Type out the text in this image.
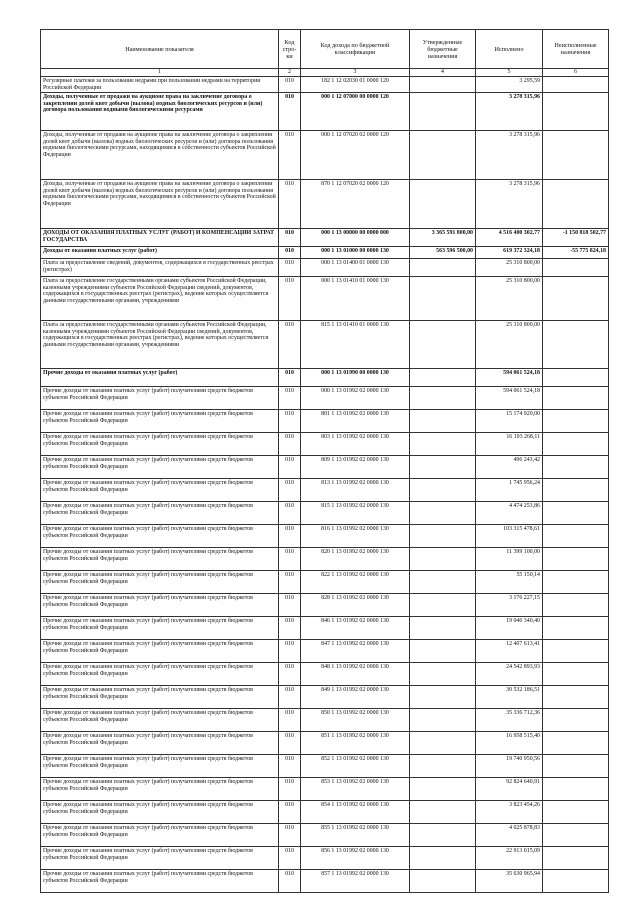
Наименование показателя	Код стро-ки	Код дохода по бюджетной классификации	Утвержденные бюджетные назначения	Исполнено	Неисполненные назначения
1	2	3	4	5	6
Регулярные платежи за пользование недрами при пользовании недрами на территории Российской Федерации	010	182 1 12 02030 01 0000 120		3 295,59	
Доходы, полученные от продажи на аукционе права на заключение договора о закреплении долей квот добычи (вылова) водных биологических ресурсов и (или) договора пользования водными биологическими ресурсами	010	000 1 12 07000 00 0000 120		3 278 315,96	
Доходы, полученные от продажи на аукционе права на заключение договора о закреплении долей квот добычи (вылова) водных биологических ресурсов и (или) договора пользования водными биологическими ресурсами, находящимися в собственности субъектов Российской Федерации	010	000 1 12 07020 02 0000 120		3 278 315,96	
Доходы, полученные от продажи на аукционе права на заключение договора о закреплении долей квот добычи (вылова) водных биологических ресурсов и (или) договора пользования водными биологическими ресурсами, находящимися в собственности субъектов Российской Федерации	010	870 1 12 07020 02 0000 120		3 278 315,96	
ДОХОДЫ ОТ ОКАЗАНИЯ ПЛАТНЫХ УСЛУГ (РАБОТ) И КОМПЕНСАЦИИ ЗАТРАТ ГОСУДАРСТВА	010	000 1 13 00000 00 0000 000	3 365 591 800,00	4 516 400 302,77	-1 150 818 502,77
Доходы от оказания платных услуг (работ)	010	000 1 13 01000 00 0000 130	563 596 500,00	619 372 324,18	-55 775 824,18
Плата за предоставление сведений, документов, содержащихся в государственных реестрах (регистрах)	010	000 1 13 01400 01 0000 130		25 310 800,00	
Плата за предоставление государственными органами субъектов Российской Федерации, казенными учреждениями субъектов Российской Федерации сведений, документов, содержащихся в государственных реестрах (регистрах), ведение которых осуществляется данными государственными органами, учреждениями	010	000 1 13 01410 01 0000 130		25 310 800,00	
Плата за предоставление государственными органами субъектов Российской Федерации, казенными учреждениями субъектов Российской Федерации сведений, документов, содержащихся в государственных реестрах (регистрах), ведение которых осуществляется данными государственными органами, учреждениями	010	815 1 13 01410 01 0000 130		25 310 800,00	
Прочие доходы от оказания платных услуг (работ)	010	000 1 13 01990 00 0000 130		594 061 524,18	
Прочие доходы от оказания платных услуг (работ) получателями средств бюджетов субъектов Российской Федерации	010	000 1 13 01992 02 0000 130		594 061 524,18	
Прочие доходы от оказания платных услуг (работ) получателями средств бюджетов субъектов Российской Федерации	010	801 1 13 01992 02 0000 130		15 174 920,00	
Прочие доходы от оказания платных услуг (работ) получателями средств бюджетов субъектов Российской Федерации	010	803 1 13 01992 02 0000 130		16 193 268,11	
Прочие доходы от оказания платных услуг (работ) получателями средств бюджетов субъектов Российской Федерации	010	809 1 13 01992 02 0000 130		496 243,42	
Прочие доходы от оказания платных услуг (работ) получателями средств бюджетов субъектов Российской Федерации	010	813 1 13 01992 02 0000 130		1 745 956,24	
Прочие доходы от оказания платных услуг (работ) получателями средств бюджетов субъектов Российской Федерации	010	815 1 13 01992 02 0000 130		4 474 253,86	
Прочие доходы от оказания платных услуг (работ) получателями средств бюджетов субъектов Российской Федерации	010	816 1 13 01992 02 0000 130		103 315 478,61	
Прочие доходы от оказания платных услуг (работ) получателями средств бюджетов субъектов Российской Федерации	010	820 1 13 01992 02 0000 130		11 399 100,00	
Прочие доходы от оказания платных услуг (работ) получателями средств бюджетов субъектов Российской Федерации	010	822 1 13 01992 02 0000 130		55 150,14	
Прочие доходы от оказания платных услуг (работ) получателями средств бюджетов субъектов Российской Федерации	010	828 1 13 01992 02 0000 130		3 176 227,15	
Прочие доходы от оказания платных услуг (работ) получателями средств бюджетов субъектов Российской Федерации	010	846 1 13 01992 02 0000 130		19 046 340,40	
Прочие доходы от оказания платных услуг (работ) получателями средств бюджетов субъектов Российской Федерации	010	847 1 13 01992 02 0000 130		12 407 613,41	
Прочие доходы от оказания платных услуг (работ) получателями средств бюджетов субъектов Российской Федерации	010	848 1 13 01992 02 0000 130		24 542 893,93	
Прочие доходы от оказания платных услуг (работ) получателями средств бюджетов субъектов Российской Федерации	010	849 1 13 01992 02 0000 130		30 532 186,51	
Прочие доходы от оказания платных услуг (работ) получателями средств бюджетов субъектов Российской Федерации	010	850 1 13 01992 02 0000 130		35 336 712,36	
Прочие доходы от оказания платных услуг (работ) получателями средств бюджетов субъектов Российской Федерации	010	851 1 13 01992 02 0000 130		16 958 515,40	
Прочие доходы от оказания платных услуг (работ) получателями средств бюджетов субъектов Российской Федерации	010	852 1 13 01992 02 0000 130		19 740 950,56	
Прочие доходы от оказания платных услуг (работ) получателями средств бюджетов субъектов Российской Федерации	010	853 1 13 01992 02 0000 130		92 824 640,91	
Прочие доходы от оказания платных услуг (работ) получателями средств бюджетов субъектов Российской Федерации	010	854 1 13 01992 02 0000 130		3 823 454,26	
Прочие доходы от оказания платных услуг (работ) получателями средств бюджетов субъектов Российской Федерации	010	855 1 13 01992 02 0000 130		4 025 878,83	
Прочие доходы от оказания платных услуг (работ) получателями средств бюджетов субъектов Российской Федерации	010	856 1 13 01992 02 0000 130		22 913 015,09	
Прочие доходы от оказания платных услуг (работ) получателями средств бюджетов субъектов Российской Федерации	010	857 1 13 01992 02 0000 130		35 630 965,94	
